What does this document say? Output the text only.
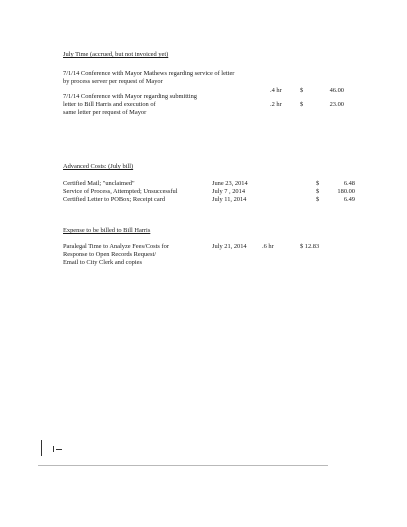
July Time (accrued, but not invoiced yet)
7/1/14 Conference with Mayor Mathews regarding service of letter
by process server per request of Mayor
.4 hr	$	46.00
7/1/14 Conference with Mayor regarding submitting
letter to Bill Harris and execution of
same letter per request of Mayor
.2 hr	$	23.00
Advanced Costs: (July bill)
Certified Mail; "unclaimed"	June 23, 2014	$	6.48
Service of Process, Attempted; Unsuccessful	July 7 , 2014	$	180.00
Certified Letter to POBox; Receipt card	July 11, 2014	$	6.49
Expense to be billed to Bill Harris
Paralegal Time to Analyze Fees/Costs for
Response to Open Records Request/
Email to City Clerk and copies
July 21, 2014 .6 hr	$ 12.83
